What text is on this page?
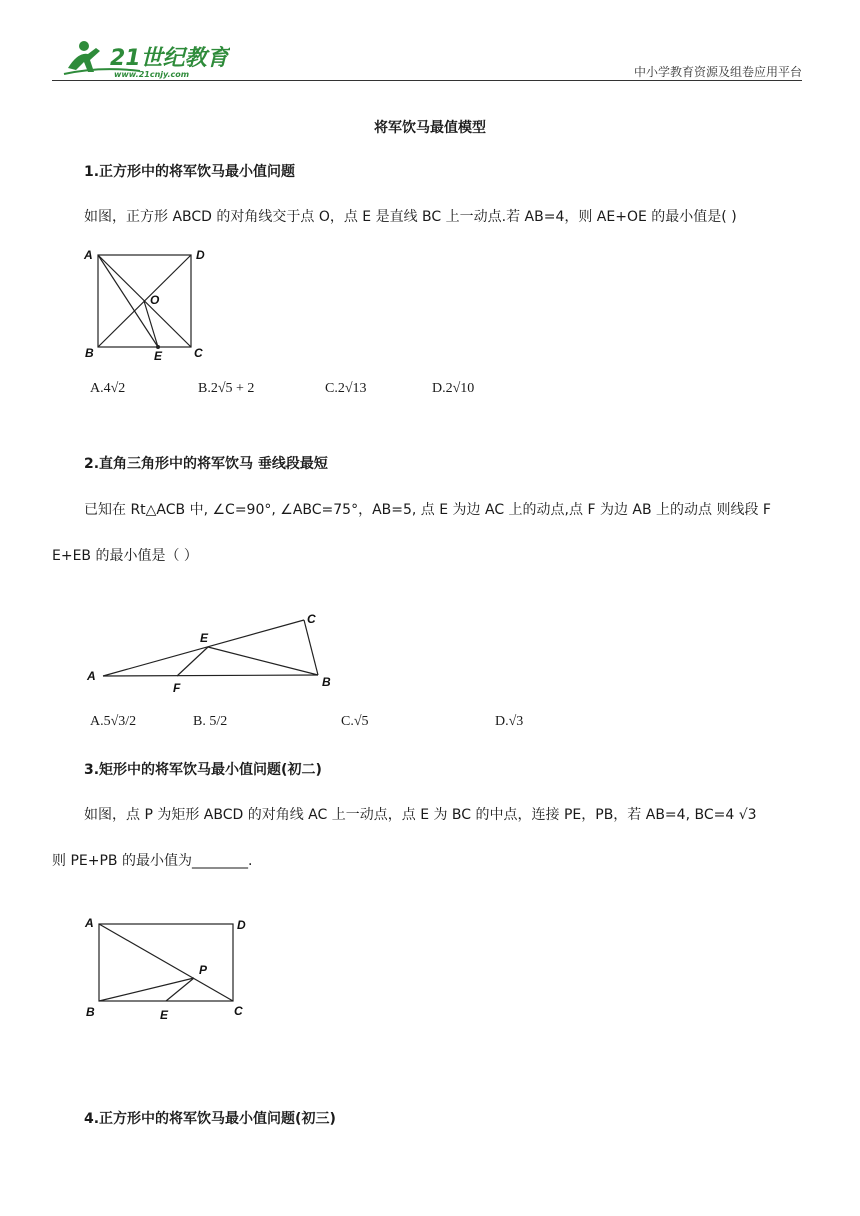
21世纪教育
www.21cnjy.com	中小学教育资源及组卷应用平台
将军饮马最值模型
1.正方形中的将军饮马最小值问题
如图，正方形 ABCD 的对角线交于点 O，点 E 是直线 BC 上一动点.若 AB=4，则 AE+OE 的最小值是( )
A	D
O
B	E	C
A.4√2	B.2√5 + 2	C.2√13	D.2√10
2.直角三角形中的将军饮马 垂线段最短
已知在 Rt△ACB 中, ∠C=90°, ∠ABC=75°，AB=5, 点 E 为边 AC 上的动点,点 F 为边 AB 上的动点 则线段 F
E+EB 的最小值是（ ）
C
E
A
F	B
A.5√3/2	B. 5/2	C.√5	D.√3
3.矩形中的将军饮马最小值问题(初二)
如图，点 P 为矩形 ABCD 的对角线 AC 上一动点，点 E 为 BC 的中点，连接 PE，PB，若 AB=4, BC=4 √3
则 PE+PB 的最小值为________.
A	D
P
B	E	C
4.正方形中的将军饮马最小值问题(初三)
